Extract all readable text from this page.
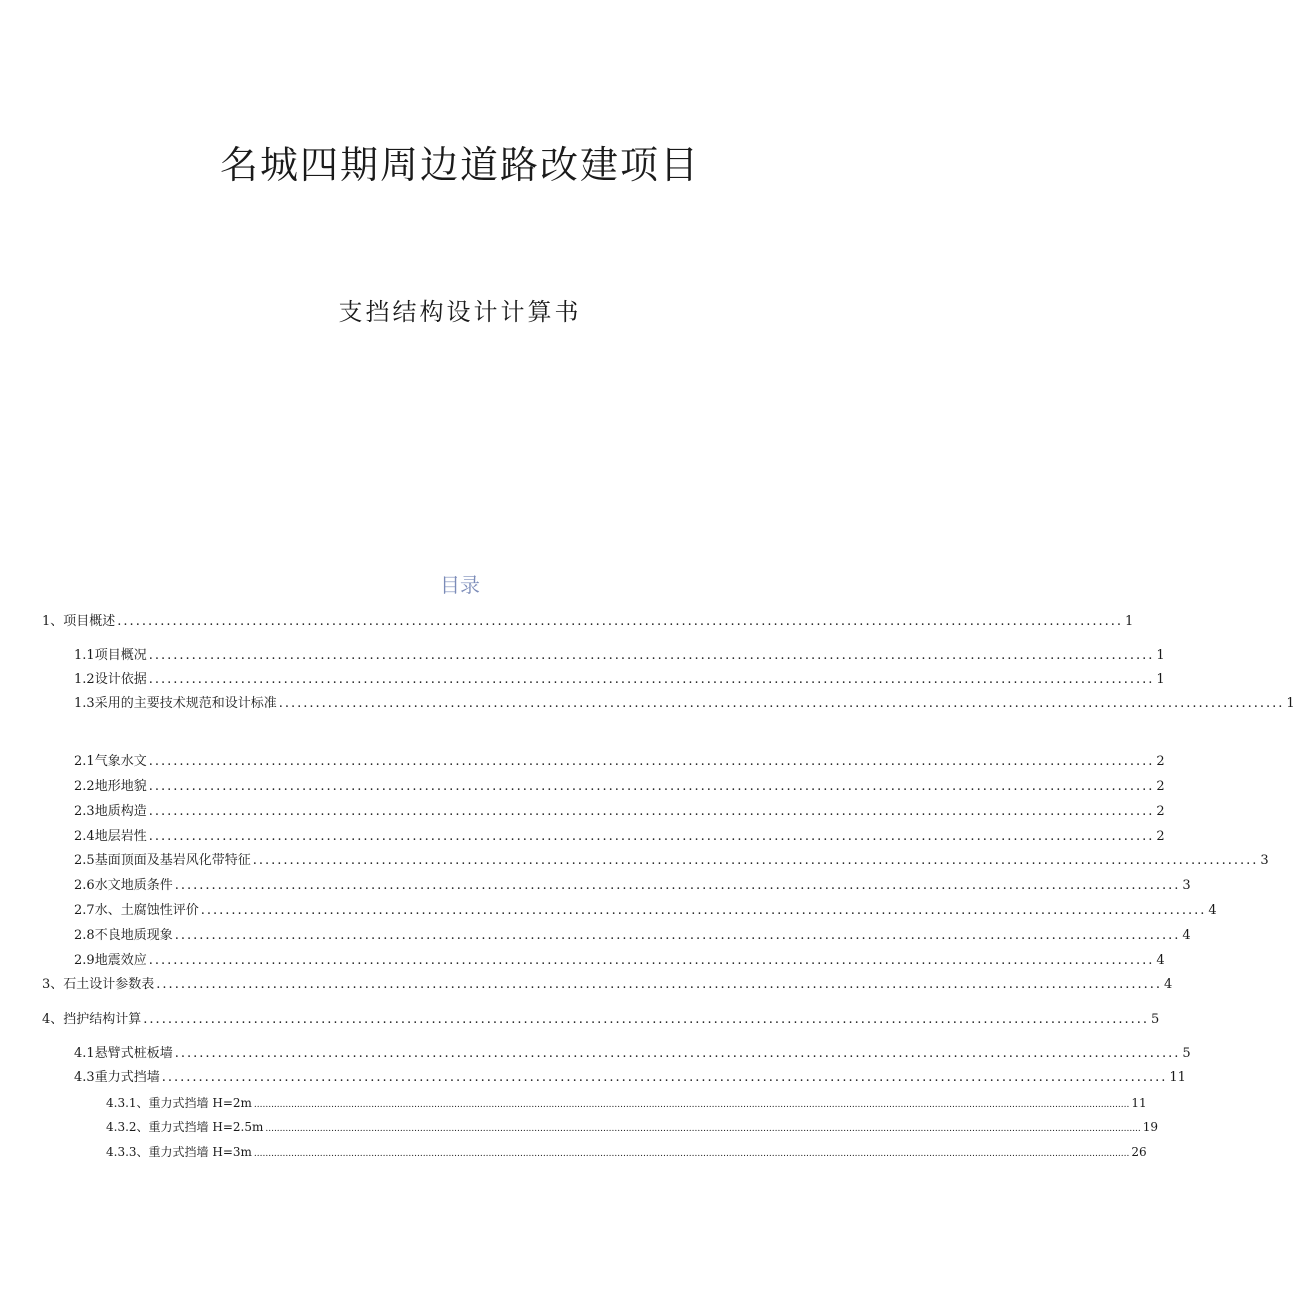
名城四期周边道路改建项目
支挡结构设计计算书
目录
1、 项目概述 .................................................................................................................................................................... 1
1.1 项目概况 .................................................................................................................................................................... 1
1.2 设计依据 .................................................................................................................................................................... 1
1.3 采用的主要技术规范和设计标准 .................................................................................................................................................................... 1
2.1 气象水文 .................................................................................................................................................................... 2
2.2 地形地貌 .................................................................................................................................................................... 2
2.3 地质构造 .................................................................................................................................................................... 2
2.4 地层岩性 .................................................................................................................................................................... 2
2.5 基面顶面及基岩风化带特征 .................................................................................................................................................................... 3
2.6 水文地质条件 .................................................................................................................................................................... 3
2.7 水、土腐蚀性评价 .................................................................................................................................................................... 4
2.8 不良地质现象 .................................................................................................................................................................... 4
2.9 地震效应 .................................................................................................................................................................... 4
3、 石土设计参数表 .................................................................................................................................................................... 4
4、 挡护结构计算 .................................................................................................................................................................... 5
4.1 悬臂式桩板墙 .................................................................................................................................................................... 5
4.3 重力式挡墙 .................................................................................................................................................................... 11
4.3.1、 重力式挡墙 H=2m .................................................................................................................................................................................................................................................................................................................. 11
4.3.2、 重力式挡墙 H=2.5m .................................................................................................................................................................................................................................................................................................................. 19
4.3.3、 重力式挡墙 H=3m .................................................................................................................................................................................................................................................................................................................. 26
